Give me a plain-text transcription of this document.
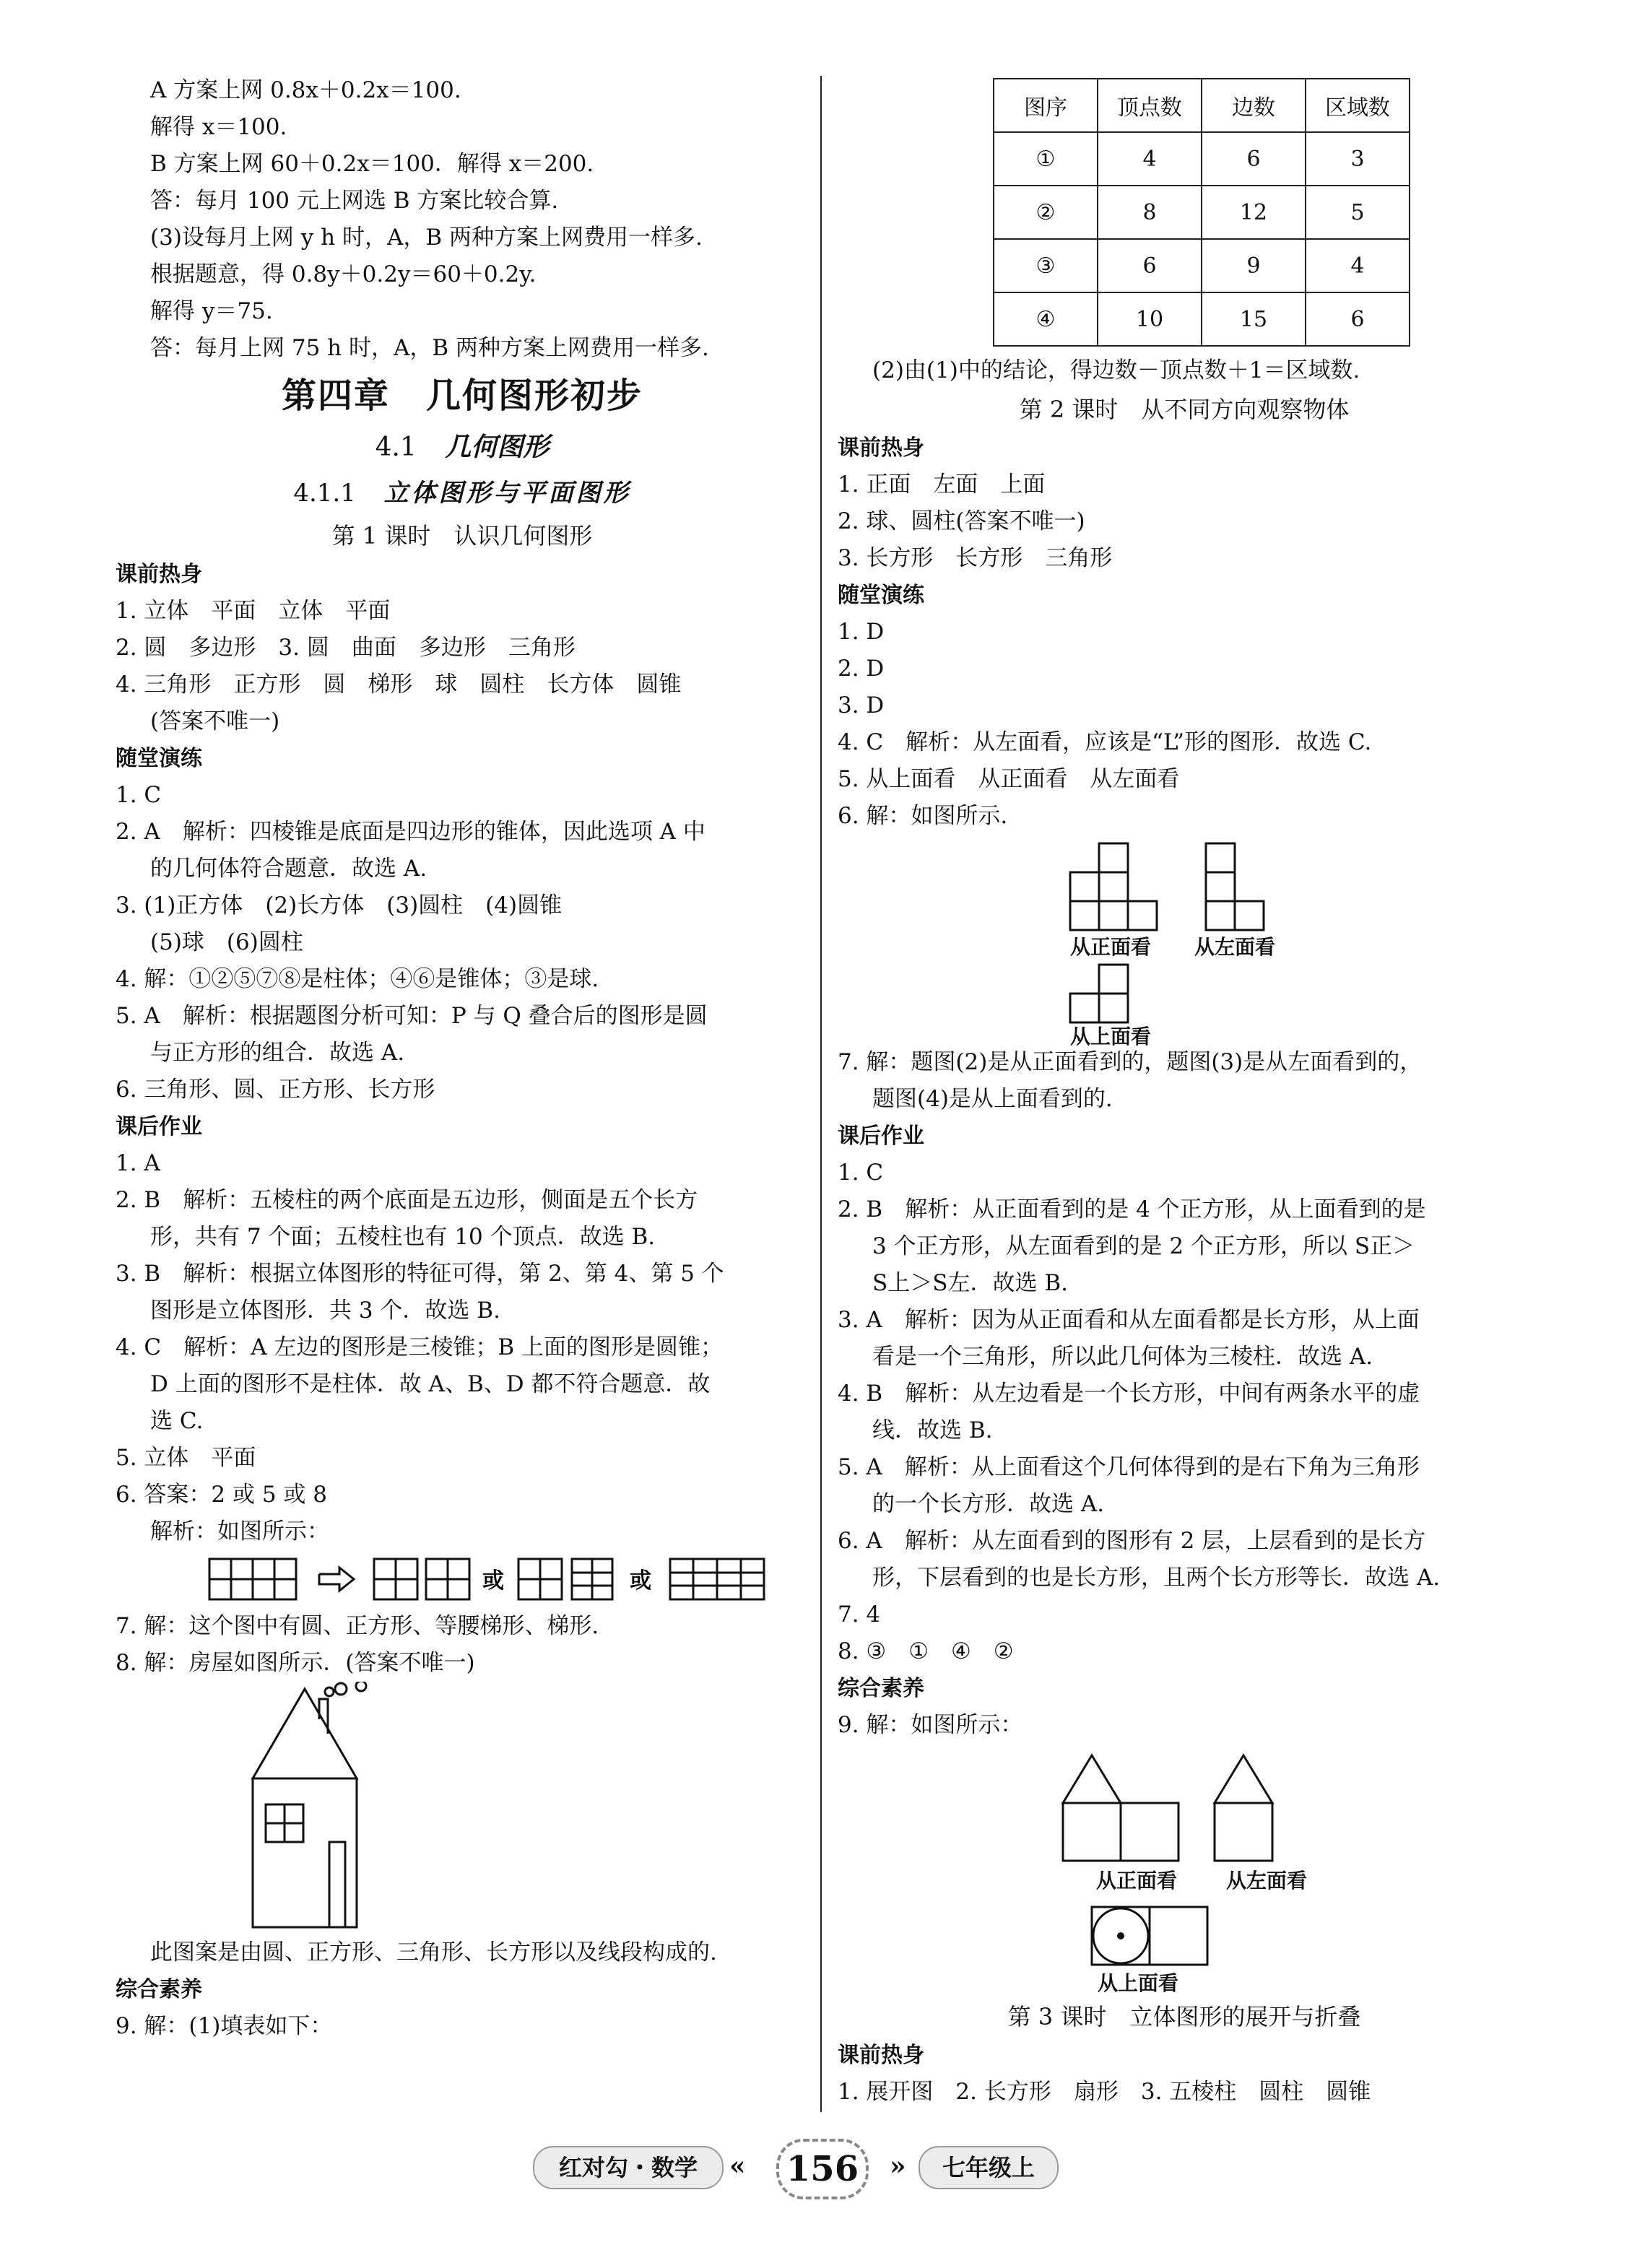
A 方案上网 0.8x＋0.2x＝100.
解得 x＝100.
B 方案上网 60＋0.2x＝100．解得 x＝200.
答：每月 100 元上网选 B 方案比较合算.
(3)设每月上网 y h 时，A，B 两种方案上网费用一样多.
根据题意，得 0.8y＋0.2y＝60＋0.2y.
解得 y＝75.
答：每月上网 75 h 时，A，B 两种方案上网费用一样多.
第四章　几何图形初步
4.1 几何图形
4.1.1 立体图形与平面图形
第 1 课时　认识几何图形
课前热身
1. 立体　平面　立体　平面
2. 圆　多边形　3. 圆　曲面　多边形　三角形
4. 三角形　正方形　圆　梯形　球　圆柱　长方体　圆锥
(答案不唯一)
随堂演练
1. C
2. A　解析：四棱锥是底面是四边形的锥体，因此选项 A 中
的几何体符合题意．故选 A.
3. (1)正方体　(2)长方体　(3)圆柱　(4)圆锥
(5)球　(6)圆柱
4. 解：①②⑤⑦⑧是柱体；④⑥是锥体；③是球.
5. A　解析：根据题图分析可知：P 与 Q 叠合后的图形是圆
与正方形的组合．故选 A.
6. 三角形、圆、正方形、长方形
课后作业
1. A
2. B　解析：五棱柱的两个底面是五边形，侧面是五个长方
形，共有 7 个面；五棱柱也有 10 个顶点．故选 B.
3. B　解析：根据立体图形的特征可得，第 2、第 4、第 5 个
图形是立体图形．共 3 个．故选 B.
4. C　解析：A 左边的图形是三棱锥；B 上面的图形是圆锥；
D 上面的图形不是柱体．故 A、B、D 都不符合题意．故
选 C.
5. 立体　平面
6. 答案：2 或 5 或 8
解析：如图所示：
或	或
7. 解：这个图中有圆、正方形、等腰梯形、梯形.
8. 解：房屋如图所示．(答案不唯一)
此图案是由圆、正方形、三角形、长方形以及线段构成的.
综合素养
9. 解：(1)填表如下：
图序	顶点数	边数	区域数
①	4	6	3
②	8	12	5
③	6	9	4
④	10	15	6
(2)由(1)中的结论，得边数－顶点数＋1＝区域数.
第 2 课时　从不同方向观察物体
课前热身
1. 正面　左面　上面
2. 球、圆柱(答案不唯一)
3. 长方形　长方形　三角形
随堂演练
1. D
2. D
3. D
4. C　解析：从左面看，应该是“L”形的图形．故选 C.
5. 从上面看　从正面看　从左面看
6. 解：如图所示.
从正面看 从左面看
从上面看
7. 解：题图(2)是从正面看到的，题图(3)是从左面看到的，
题图(4)是从上面看到的.
课后作业
1. C
2. B　解析：从正面看到的是 4 个正方形，从上面看到的是
3 个正方形，从左面看到的是 2 个正方形，所以 S正＞
S上＞S左．故选 B.
3. A　解析：因为从正面看和从左面看都是长方形，从上面
看是一个三角形，所以此几何体为三棱柱．故选 A.
4. B　解析：从左边看是一个长方形，中间有两条水平的虚
线．故选 B.
5. A　解析：从上面看这个几何体得到的是右下角为三角形
的一个长方形．故选 A.
6. A　解析：从左面看到的图形有 2 层，上层看到的是长方
形，下层看到的也是长方形，且两个长方形等长．故选 A.
7. 4
8. ③　①　④　②
综合素养
9. 解：如图所示：
从正面看 从左面看
从上面看
第 3 课时　立体图形的展开与折叠
课前热身
1. 展开图　2. 长方形　扇形　3. 五棱柱　圆柱　圆锥
红对勾・数学	« 156	»	七年级上
